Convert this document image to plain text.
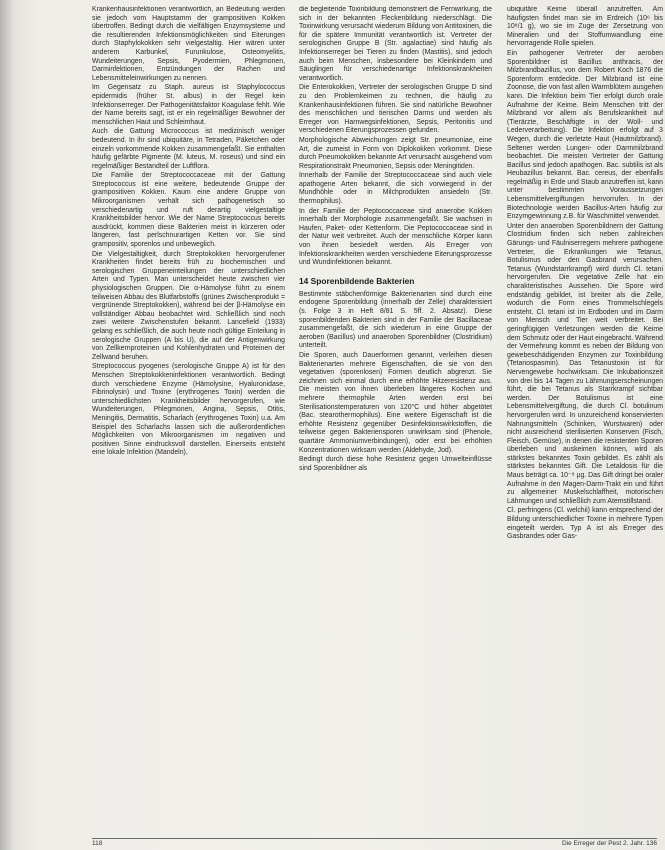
Krankenhausinfektionen verantwortlich, an Bedeutung werden sie jedoch vom Hauptstamm der grampositiven Kokken übertroffen. Bedingt durch die vielfältigen Enzymsysteme und die resultierenden Infektionsmöglichkeiten sind Eiterungen durch Staphylokokken sehr vielgestaltig. Hier wären unter anderem Karbunkel, Furunkulose, Osteomyelitis, Wundeiterungen, Sepsis, Pyodermien, Phlegmonen, Darminfektionen, Entzündungen der Rachen und Lebensmitteleinwirkungen zu nennen.

Im Gegensatz zu Staph. aureus ist Staphylococcus epidermidis (früher St. albus) in der Regel kein Infektionserreger. Der Pathogenitätsfaktor Koagulase fehlt. Wie der Name bereits sagt, ist er ein regelmäßiger Bewohner der menschlichen Haut und Schleimhaut.

Auch die Gattung Micrococcus ist medizinisch weniger bedeutend. In ihr sind ubiquitäre, in Tetraden, Päketchen oder einzeln vorkommende Kokken zusammengefaßt. Sie enthalten häufig gefärbte Pigmente (M. luteus, M. roseus) und sind ein regelmäßiger Bestandteil der Luftflora.

Die Familie der Streptococcaceae mit der Gattung Streptococcus ist eine weitere, bedeutende Gruppe der grampositiven Kokken. Kaum eine andere Gruppe von Mikroorganismen verhält sich pathogenetisch so verschiedenartig und ruft derartig vielgestaltige Krankheitsbilder hervor. Wie der Name Streptococcus bereits ausdrückt, kommen diese Bakterien meist in kürzeren oder längeren, fast perlschnurartigen Ketten vor. Sie sind grampositiv, sporenlos und unbeweglich.

Die Vielgestaltigkeit, durch Streptokokken hervorgerufener Krankheiten findet bereits früh zu biochemischen und serologischen Gruppeneinteilungen der unterschiedlichen Arten und Typen. Man unterscheidet heute zwischen vier physiologischen Gruppen. Die α-Hämolyse führt zu einem teilweisen Abbau des Blutfarbstoffs (grünes Zwischenprodukt = vergrünende Streptokokken), während bei der β-Hämolyse ein vollständiger Abbau beobachtet wird. Schließlich sind noch zwei weitere Zwischenstufen bekannt. Lancefield (1933) gelang es schließlich, die auch heute noch gültige Einteilung in serologische Gruppen (A bis U), die auf der Antigenwirkung von Zellkernproteinen und Kohlenhydraten und Proteinen der Zellwand beruhen.

Streptococcus pyogenes (serologische Gruppe A) ist für den Menschen Streptokokkeninfektionen verantwortlich. Bedingt durch verschiedene Enzyme (Hämolysine, Hyaluronidase, Fibrinolysin) und Toxine (erythrogenes Toxin) werden die unterschiedlichsten Krankheitsbilder hervorgerufen, wie Wundeiterungen, Phlegmonen, Angina, Sepsis, Otitis, Meningitis, Dermatitis, Scharlach (erythrogenes Toxin) u.a. Am Beispiel des Scharlachs lassen sich die außerordentlichen Möglichkeiten von Mikroorganismen im negativen und positiven Sinne eindrucksvoll darstellen. Einerseits entsteht eine lokale Infektion (Mandeln),

die begleitende Toxinbildung demonstriert die Fernwirkung, die sich in der bekannten Fleckenbildung niederschlägt. Die Toxinwirkung verursacht wiederum Bildung von Antitoxinen, die für die spätere Immunität verantwortlich ist. Vertreter der serologischen Gruppe B (Str. agalactiae) sind häufig als Infektionserreger bei Tieren zu finden (Mastitis), sind jedoch auch beim Menschen, insbesondere bei Kleinkindern und Säuglingen für verschiedenartige Infektionskrankheiten verantwortlich.

Die Enterokokken, Vertreter der serologischen Gruppe D sind zu den Problemkeimen zu rechnen, die häufig zu Krankenhausinfektionen führen. Sie sind natürliche Bewohner des menschlichen und tierischen Darms und werden als Erreger von Harnwegsinfektionen, Sepsis, Peritonitis und verschiedenen Eiterungsprozessen gefunden.

Morphologische Abweichungen zeigt Str. pneumoniae, eine Art, die zumeist in Form von Diplokokken vorkommt. Diese durch Pneumokokken bekannte Art verursacht ausgehend vom Respirationstrakt Pneumonien, Sepsis oder Meningitiden.

Innerhalb der Familie der Streptococcaceae sind auch viele apathogene Arten bekannt, die sich vorwiegend in der Mundhöhle oder in Milchprodukten ansiedeln (Str. thermophilus).

In der Familie der Peptococcaceae sind anaerobe Kokken innerhalb der Morphologie zusammengefaßt. Sie wachsen in Haufen, Paket- oder Kettenform. Die Peptococcaceae sind in der Natur weit verbreitet. Auch der menschliche Körper kann von ihnen besiedelt werden. Als Erreger von Infektionskrankheiten werden verschiedene Eiterungsprozesse und Wundinfektionen bekannt.

14 Sporenbildende Bakterien

Bestimmte stäbchenförmige Bakterienarten sind durch eine endogene Sporenbildung (innerhalb der Zelle) charakterisiert (s. Folge 3 in Heft 8/81 S. 5ff. 2. Absatz). Diese sporenbildenden Bakterien sind in der Familie der Bacillaceae zusammengefaßt, die sich wiederum in eine Gruppe der aeroben (Bacillus) und anaeroben Sporenbildner (Clostridium) unterteilt.

Die Sporen, auch Dauerformen genannt, verleihen diesen Bakterienarten mehrere Eigenschaften, die sie von den vegetativen (sporenlosen) Formen deutlich abgrenzt. Sie zeichnen sich einmal durch eine erhöhte Hitzeresistenz aus. Die meisten von ihnen überleben längeres Kochen und mehrere thermophile Arten werden erst bei Sterilisationstemperaturen von 120°C und höher abgetötet (Bac. stearothermophilus). Eine weitere Eigenschaft ist die erhöhte Resistenz gegenüber Desinfektionswirkstoffen, die teilweise gegen Bakteriensporen unwirksam sind (Phenole, quartäre Ammoniumverbindungen), oder erst bei erhöhten Konzentrationen wirksam werden (Aldehyde, Jod).

Bedingt durch diese hohe Resistenz gegen Umwelteinflüsse sind Sporenbildner als

ubiquitäre Keime überall anzutreffen. Am häufigsten findet man sie im Erdreich (10⁶ bis 10⁸/1 g), wo sie im Zuge der Zersetzung von Mineralien und der Stoffumwandlung eine hervorragende Rolle spielen.

Ein pathogener Vertreter der aeroben Sporenbildner ist Bacillus anthracis, der Milzbrandbazillus, von dem Robert Koch 1876 die Sporenform entdeckte. Der Milzbrand ist eine Zoonose, die von fast allen Warmblütern ausgehen kann. Die Infektion beim Tier erfolgt durch orale Aufnahme der Keime. Beim Menschen tritt der Milzbrand vor allem als Berufskrankheit auf (Tierärzte, Beschäftigte in der Woll- und Lederverarbeitung). Die Infektion erfolgt auf 3 Wegen, durch die verletzte Haut (Hautmilzbrand). Seltener werden Lungen- oder Darmmilzbrand beobachtet. Die meisten Vertreter der Gattung Bacillus sind jedoch apathogen. Bac. subtilis ist als Heubazillus bekannt. Bac. cereus, der ebenfalls regelmäßig in Erde und Staub anzutreffen ist, kann unter bestimmten Voraussetzungen Lebensmittelvergiftungen hervorrufen. In der Biotechnologie werden Bacillus-Arten häufig zur Enzymgewinnung z.B. für Waschmittel verwendet.

Unter den anaeroben Sporenbildnern der Gattung Clostridium finden sich neben zahlreichen Gärungs- und Fäulniserregern mehrere pathogene Vertreter, die Erkrankungen wie Tetanus, Botulismus oder den Gasbrand verursachen. Tetanus (Wundstarrkrampf) wird durch Cl. tetani hervorgerufen. Die vegetative Zelle hat ein charakteristisches Aussehen. Die Spore wird endständig gebildet, ist breiter als die Zelle, wodurch die Form eines Trommelschlegels entsteht. Cl. tetani ist im Erdboden und im Darm von Mensch und Tier weit verbreitet. Bei geringfügigen Verletzungen werden die Keime dem Schmutz oder der Haut eingebracht. Während der Vermehrung kommt es neben der Bildung von gewebeschädigenden Enzymen zur Toxinbildung (Tetanospasmin). Das Tetanustoxin ist für Nervengewebe hochwirksam. Die Inkubationszeit von drei bis 14 Tagen zu Lähmungserscheinungen führt, die bei Tetanus als Starrkrampf sichtbar werden. Der Botulismus ist eine Lebensmittelvergiftung, die durch Cl. botulinum hervorgerufen wird. In unzureichend konservierten Nahrungsmitteln (Schinken, Wurstwaren) oder nicht ausreichend sterilisierten Konserven (Fisch, Fleisch, Gemüse), in denen die resistenten Sporen überleben und auskeimen können, wird als stärkstes bekanntes Toxin gebildet. Es zählt als stärkstes bekanntes Gift. Die Letaldosis für die Maus beträgt ca. 10⁻⁸ µg. Das Gift dringt bei oraler Aufnahme in den Magen-Darm-Trakt ein und führt zu allgemeiner Muskelschlaffheit, motorischen Lähmungen und schließlich zum Atemstillstand.

Cl. perfringens (Cl. welchii) kann entsprechend der Bildung unterschiedlicher Toxine in mehrere Typen eingeteilt werden. Typ A ist als Erreger des Gasbrandes oder Gas-

118	Die Erreger der Pest 2. Jahr. 136
